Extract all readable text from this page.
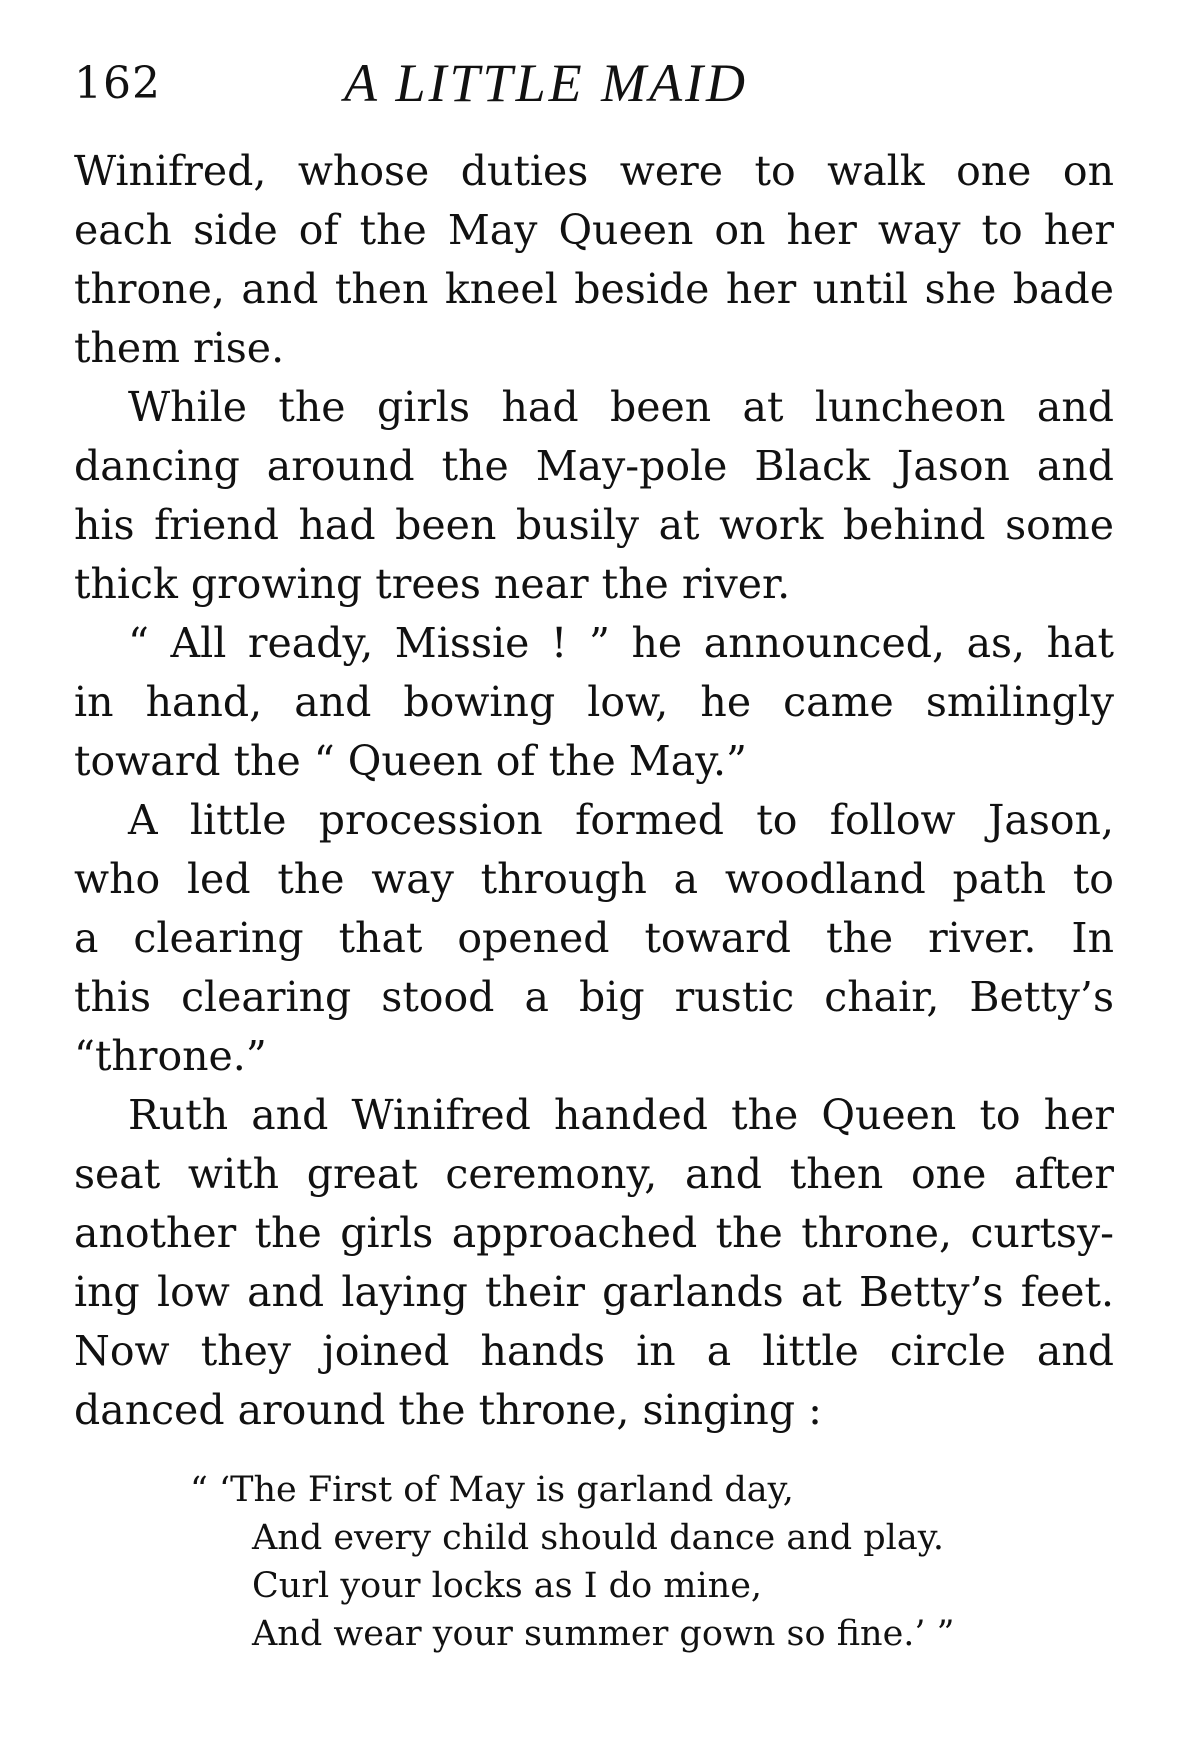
162	A LITTLE MAID
Winifred, whose duties were to walk one on
each side of the May Queen on her way to her
throne, and then kneel beside her until she bade
them rise.
While the girls had been at luncheon and
dancing around the May-pole Black Jason and
his friend had been busily at work behind some
thick growing trees near the river.
“ All ready, Missie ! ” he announced, as, hat
in hand, and bowing low, he came smilingly
toward the “ Queen of the May.”
A little procession formed to follow Jason,
who led the way through a woodland path to
a clearing that opened toward the river. In
this clearing stood a big rustic chair, Betty’s
“throne.”
Ruth and Winifred handed the Queen to her
seat with great ceremony, and then one after
another the girls approached the throne, curtsy-
ing low and laying their garlands at Betty’s feet.
Now they joined hands in a little circle and
danced around the throne, singing :
“ ‘The First of May is garland day,
And every child should dance and play.
Curl your locks as I do mine,
And wear your summer gown so fine.’ ”
